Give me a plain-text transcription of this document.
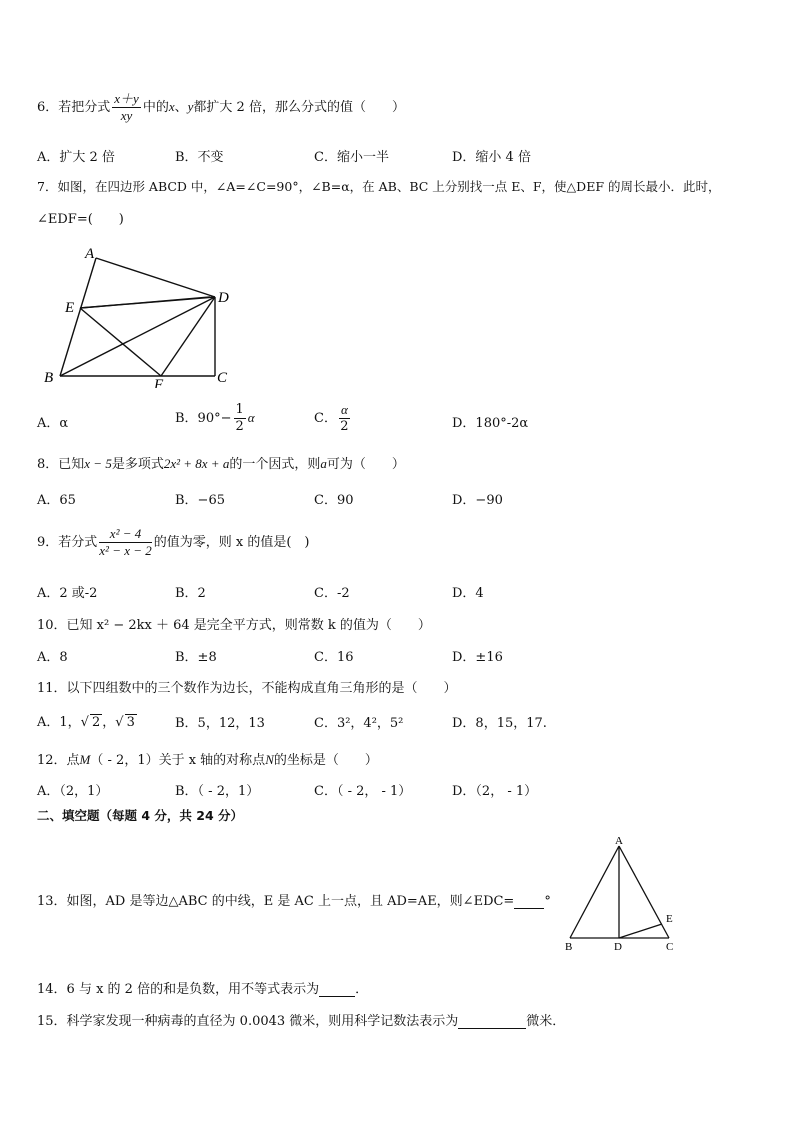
6．若把分式 $\frac{x+y}{xy}$ 中的x、y都扩大 2 倍，那么分式的值（　　）
A．扩大 2 倍	B．不变	C．缩小一半	D．缩小 4 倍
7．如图，在四边形 ABCD 中，∠A=∠C=90°，∠B=α，在 AB、BC 上分别找一点 E、F，使△DEF 的周长最小．此时，
∠EDF=(　　)
A
E
D
B	F	C
A．α	B．$90^\circ- \frac{1}{2}$ α	C． $\frac{\alpha}{2}$	D．180°-2α
8．已知x − 5是多项式2x² + 8x + a的一个因式，则a可为（　　）
A．65	B．−65	C．90	D．−90
9．若分式 $\frac{\text{x² − 4}}{\text{x² − x − 2}}$ 的值为零，则 x 的值是(　)
A．2 或-2	B．2	C．-2	D．4
10．已知 x² − 2kx ＋ 64 是完全平方式，则常数 k 的值为（　　）
A．8	B．±8	C．16	D．±16
11．以下四组数中的三个数作为边长，不能构成直角三角形的是（　　）
A．1，√ 2 ，√ 3	B．5，12，13	C．3²，4²，5²	D．8，15，17.
12．点M（ - 2，1）关于 x 轴的对称点N的坐标是（　　）
A．（2，1）	B．（ - 2，1）	C．（ - 2， - 1）	D．（2， - 1）
二、填空题（每题 4 分，共 24 分）
13．如图，AD 是等边△ABC 的中线，E 是 AC 上一点，且 AD=AE，则∠EDC= °
A
B	D	C
E
14．6 与 x 的 2 倍的和是负数，用不等式表示为	．
15．科学家发现一种病毒的直径为 0.0043 微米，则用科学记数法表示为	微米．
